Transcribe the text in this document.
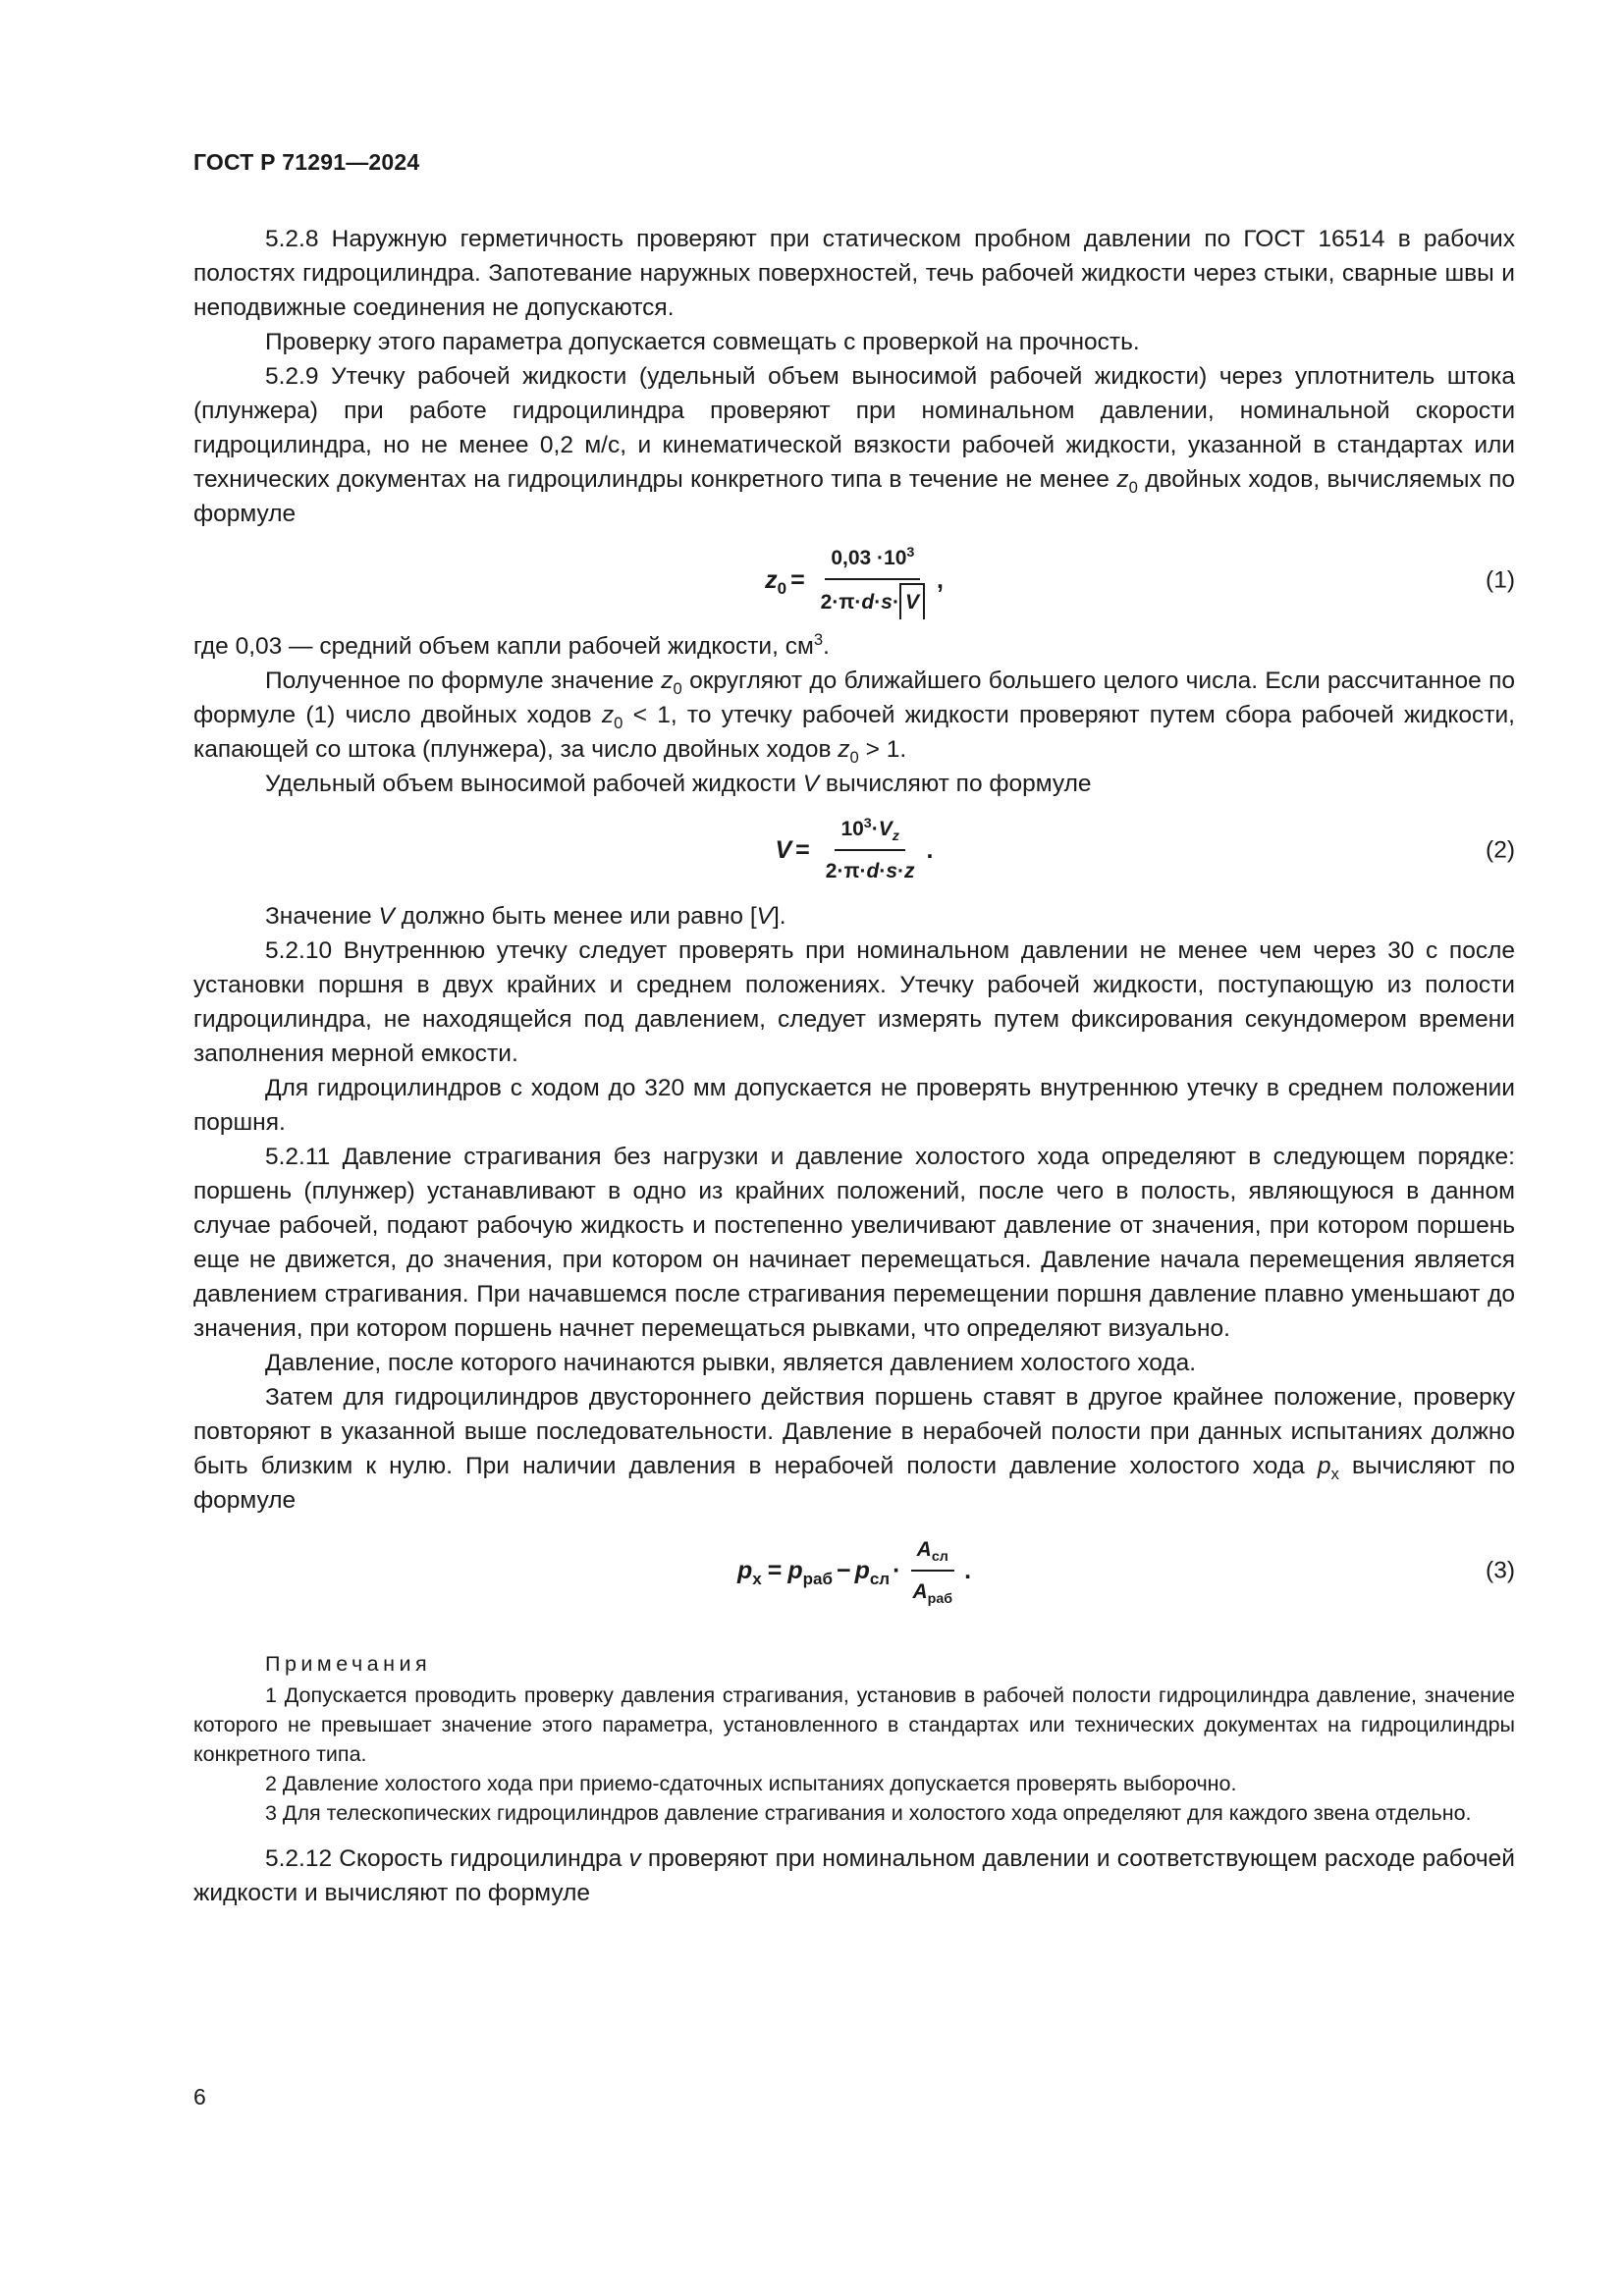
ГОСТ Р 71291—2024

5.2.8 Наружную герметичность проверяют при статическом пробном давлении по ГОСТ 16514 в рабочих полостях гидроцилиндра. Запотевание наружных поверхностей, течь рабочей жидкости через стыки, сварные швы и неподвижные соединения не допускаются.

Проверку этого параметра допускается совмещать с проверкой на прочность.

5.2.9 Утечку рабочей жидкости (удельный объем выносимой рабочей жидкости) через уплотнитель штока (плунжера) при работе гидроцилиндра проверяют при номинальном давлении, номинальной скорости гидроцилиндра, но не менее 0,2 м/с, и кинематической вязкости рабочей жидкости, указанной в стандартах или технических документах на гидроцилиндры конкретного типа в течение не менее $z_0$ двойных ходов, вычисляемых по формуле

$z_0 = \frac{0,03 \cdot 10^3}{2\cdot\pi\cdot d\cdot s\cdot V}$ ,	(1)

где 0,03 — средний объем капли рабочей жидкости, $см^3$.

Полученное по формуле значение $z_0$ округляют до ближайшего большего целого числа. Если рассчитанное по формуле (1) число двойных ходов $z_0 < 1$, то утечку рабочей жидкости проверяют путем сбора рабочей жидкости, капающей со штока (плунжера), за число двойных ходов $z_0 > 1$.

Удельный объем выносимой рабочей жидкости V вычисляют по формуле

$V = \frac{10^3\cdot V_z}{2\cdot\pi\cdot d\cdot s\cdot z}$ .	(2)

Значение V должно быть менее или равно [V].

5.2.10 Внутреннюю утечку следует проверять при номинальном давлении не менее чем через 30 с после установки поршня в двух крайних и среднем положениях. Утечку рабочей жидкости, поступающую из полости гидроцилиндра, не находящейся под давлением, следует измерять путем фиксирования секундомером времени заполнения мерной емкости.

Для гидроцилиндров с ходом до 320 мм допускается не проверять внутреннюю утечку в среднем положении поршня.

5.2.11 Давление страгивания без нагрузки и давление холостого хода определяют в следующем порядке: поршень (плунжер) устанавливают в одно из крайних положений, после чего в полость, являющуюся в данном случае рабочей, подают рабочую жидкость и постепенно увеличивают давление от значения, при котором поршень еще не движется, до значения, при котором он начинает перемещаться. Давление начала перемещения является давлением страгивания. При начавшемся после страгивания перемещении поршня давление плавно уменьшают до значения, при котором поршень начнет перемещаться рывками, что определяют визуально.

Давление, после которого начинаются рывки, является давлением холостого хода.

Затем для гидроцилиндров двустороннего действия поршень ставят в другое крайнее положение, проверку повторяют в указанной выше последовательности. Давление в нерабочей полости при данных испытаниях должно быть близким к нулю. При наличии давления в нерабочей полости давление холостого хода $p_х$ вычисляют по формуле

$p_х = p_{раб} - p_{сл} \cdot \frac{A_{сл}}{A_{раб}}$ .	(3)

Примечания

1 Допускается проводить проверку давления страгивания, установив в рабочей полости гидроцилиндра давление, значение которого не превышает значение этого параметра, установленного в стандартах или технических документах на гидроцилиндры конкретного типа.

2 Давление холостого хода при приемо-сдаточных испытаниях допускается проверять выборочно.

3 Для телескопических гидроцилиндров давление страгивания и холостого хода определяют для каждого звена отдельно.

5.2.12 Скорость гидроцилиндра v проверяют при номинальном давлении и соответствующем расходе рабочей жидкости и вычисляют по формуле

6
